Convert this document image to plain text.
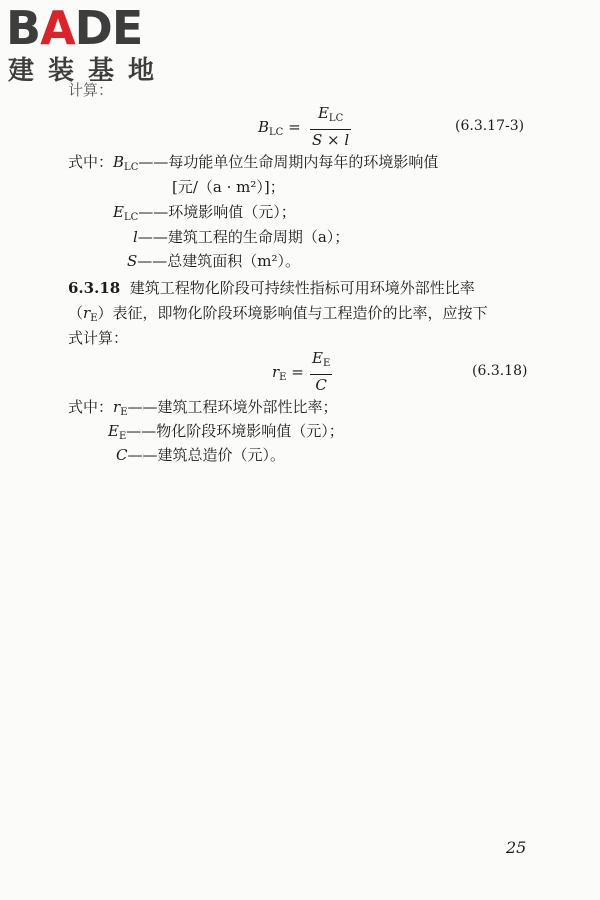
BADE
建装基地
计算：
$B_{LC}$ =
$E_{LC}$
S × l
(6.3.17-3)
式中：$B_{LC}——$每功能单位生命周期内每年的环境影响值
[元/（a · m²）]；
$E_{LC}——$环境影响值（元）；
l——建筑工程的生命周期（a）；
S——总建筑面积（m²）。
6.3.18 建筑工程物化阶段可持续性指标可用环境外部性比率
$(r_E)$表征，即物化阶段环境影响值与工程造价的比率，应按下
式计算：
$r_E$ =
$E_E$
C
(6.3.18)
式中：$r_E——$建筑工程环境外部性比率；
$E_E——$物化阶段环境影响值（元）；
C——建筑总造价（元）。
25
